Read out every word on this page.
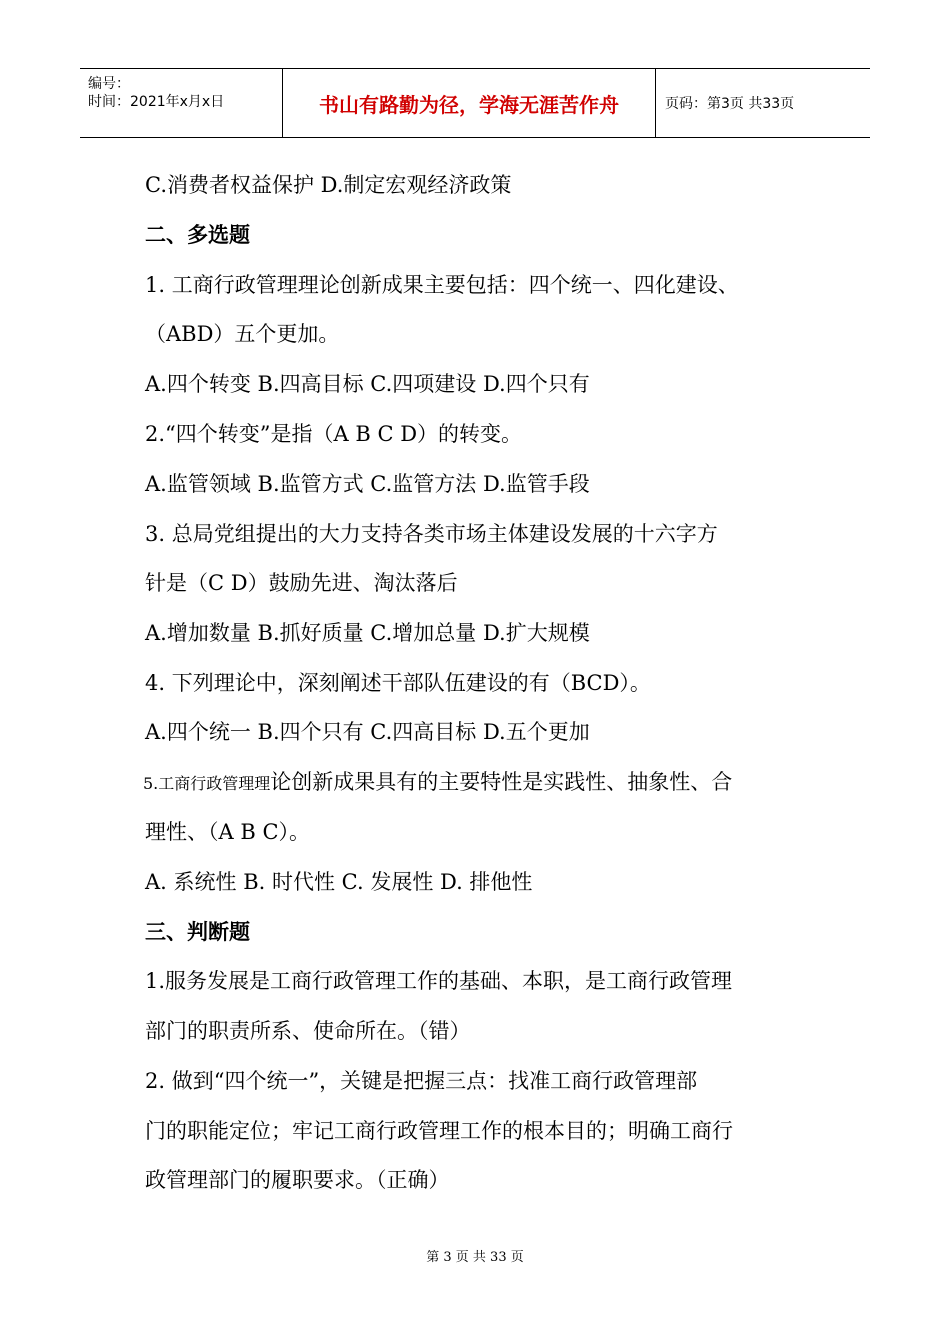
编号：
时间：2021年x月x日	书山有路勤为径，学海无涯苦作舟	页码：第3页 共33页
C.消费者权益保护 D.制定宏观经济政策
二、多选题
1. 工商行政管理理论创新成果主要包括：四个统一、四化建设、
（ABD）五个更加。
A.四个转变 B.四高目标 C.四项建设 D.四个只有
2.“四个转变”是指（A B C D）的转变。
A.监管领域 B.监管方式 C.监管方法 D.监管手段
3. 总局党组提出的大力支持各类市场主体建设发展的十六字方
针是（C D）鼓励先进、淘汰落后
A.增加数量 B.抓好质量 C.增加总量 D.扩大规模
4. 下列理论中，深刻阐述干部队伍建设的有（BCD）。
A.四个统一 B.四个只有 C.四高目标 D.五个更加
5.工商行政管理理论创新成果具有的主要特性是实践性、抽象性、合
理性、（A B C）。
A. 系统性 B. 时代性 C. 发展性 D. 排他性
三、判断题
1.服务发展是工商行政管理工作的基础、本职，是工商行政管理
部门的职责所系、使命所在。（错）
2. 做到“四个统一”，关键是把握三点：找准工商行政管理部
门的职能定位；牢记工商行政管理工作的根本目的；明确工商行
政管理部门的履职要求。（正确）
第 3 页 共 33 页
